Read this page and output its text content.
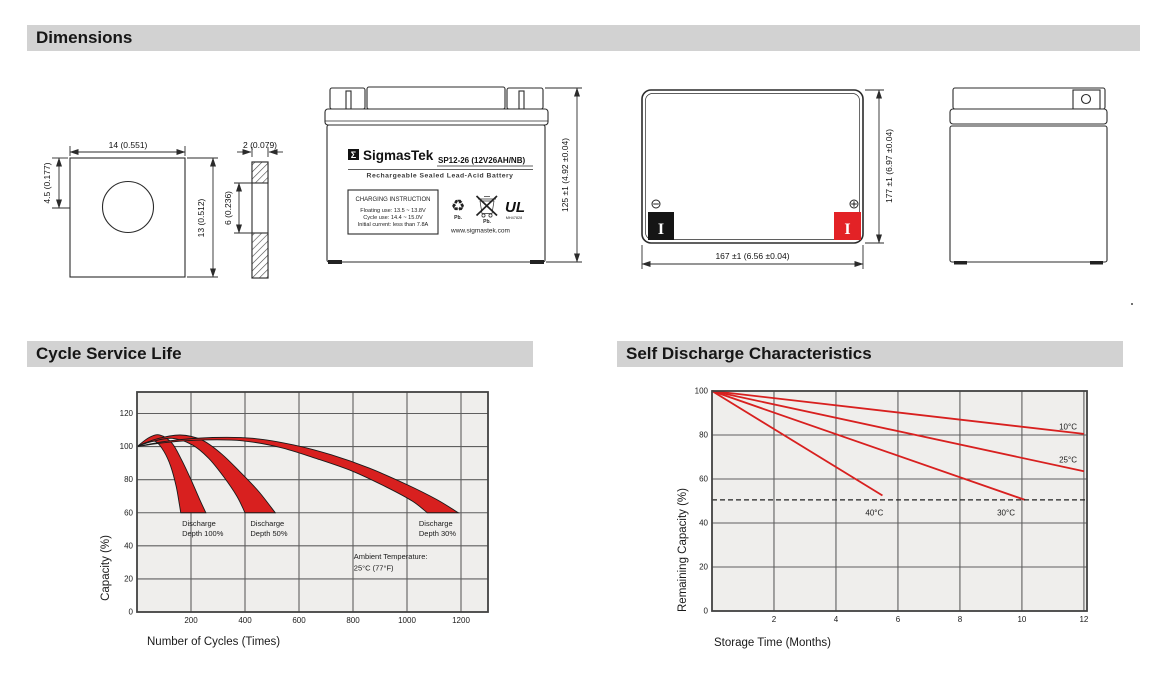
Dimensions
14 (0.551)
4.5 (0.177)
13 (0.512)
2 (0.079)
6 (0.236)
Σ SigmasTek SP12-26 (12V26AH/NB)
Rechargeable Sealed Lead-Acid Battery
CHARGING INSTRUCTION
Floating use: 13.5 ~ 13.8V
Cycle use: 14.4 ~ 15.0V
Initial current: less than 7.8A
♻
Pb.
Pb.
UL
MH47828
www.sigmastek.com
125 ±1 (4.92 ±0.04)
I	I
167 ±1 (6.56 ±0.04)
177 ±1 (6.97 ±0.04)
Cycle Service Life	Self Discharge Characteristics
200	400	600	800	1000	1200
0
20
40
60
80
100
120
Discharge
Depth 100%
Discharge
Depth 50%
Discharge
Depth 30%
Ambient Temperature:
25°C (77°F)
Number of Cycles (Times)
Capacity (%)
2	4	6	8	10	12
0
20
40
60
80
100
10°C
25°C
40°C	30°C
Storage Time (Months)
Remaining Capacity (%)
